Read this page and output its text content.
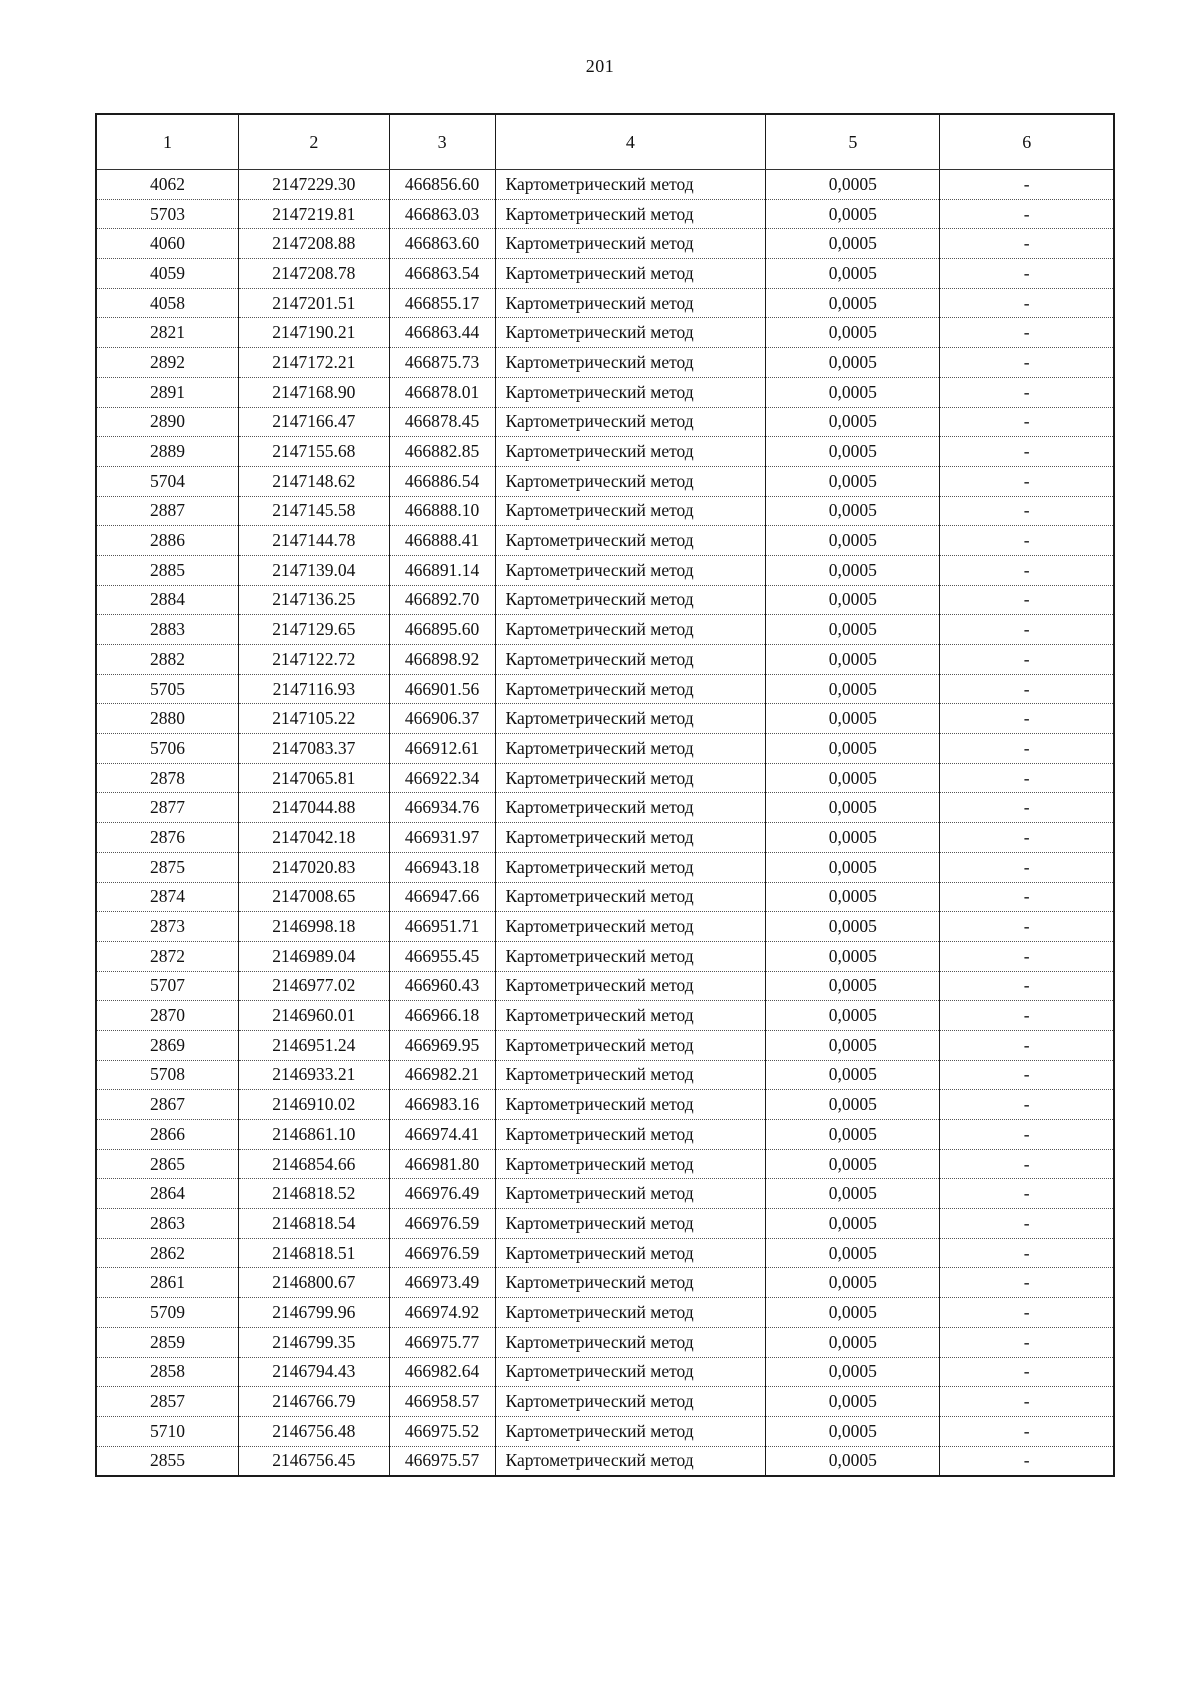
201
1	2	3	4	5	6
4062	2147229.30	466856.60	Картометрический метод	0,0005	-
5703	2147219.81	466863.03	Картометрический метод	0,0005	-
4060	2147208.88	466863.60	Картометрический метод	0,0005	-
4059	2147208.78	466863.54	Картометрический метод	0,0005	-
4058	2147201.51	466855.17	Картометрический метод	0,0005	-
2821	2147190.21	466863.44	Картометрический метод	0,0005	-
2892	2147172.21	466875.73	Картометрический метод	0,0005	-
2891	2147168.90	466878.01	Картометрический метод	0,0005	-
2890	2147166.47	466878.45	Картометрический метод	0,0005	-
2889	2147155.68	466882.85	Картометрический метод	0,0005	-
5704	2147148.62	466886.54	Картометрический метод	0,0005	-
2887	2147145.58	466888.10	Картометрический метод	0,0005	-
2886	2147144.78	466888.41	Картометрический метод	0,0005	-
2885	2147139.04	466891.14	Картометрический метод	0,0005	-
2884	2147136.25	466892.70	Картометрический метод	0,0005	-
2883	2147129.65	466895.60	Картометрический метод	0,0005	-
2882	2147122.72	466898.92	Картометрический метод	0,0005	-
5705	2147116.93	466901.56	Картометрический метод	0,0005	-
2880	2147105.22	466906.37	Картометрический метод	0,0005	-
5706	2147083.37	466912.61	Картометрический метод	0,0005	-
2878	2147065.81	466922.34	Картометрический метод	0,0005	-
2877	2147044.88	466934.76	Картометрический метод	0,0005	-
2876	2147042.18	466931.97	Картометрический метод	0,0005	-
2875	2147020.83	466943.18	Картометрический метод	0,0005	-
2874	2147008.65	466947.66	Картометрический метод	0,0005	-
2873	2146998.18	466951.71	Картометрический метод	0,0005	-
2872	2146989.04	466955.45	Картометрический метод	0,0005	-
5707	2146977.02	466960.43	Картометрический метод	0,0005	-
2870	2146960.01	466966.18	Картометрический метод	0,0005	-
2869	2146951.24	466969.95	Картометрический метод	0,0005	-
5708	2146933.21	466982.21	Картометрический метод	0,0005	-
2867	2146910.02	466983.16	Картометрический метод	0,0005	-
2866	2146861.10	466974.41	Картометрический метод	0,0005	-
2865	2146854.66	466981.80	Картометрический метод	0,0005	-
2864	2146818.52	466976.49	Картометрический метод	0,0005	-
2863	2146818.54	466976.59	Картометрический метод	0,0005	-
2862	2146818.51	466976.59	Картометрический метод	0,0005	-
2861	2146800.67	466973.49	Картометрический метод	0,0005	-
5709	2146799.96	466974.92	Картометрический метод	0,0005	-
2859	2146799.35	466975.77	Картометрический метод	0,0005	-
2858	2146794.43	466982.64	Картометрический метод	0,0005	-
2857	2146766.79	466958.57	Картометрический метод	0,0005	-
5710	2146756.48	466975.52	Картометрический метод	0,0005	-
2855	2146756.45	466975.57	Картометрический метод	0,0005	-
